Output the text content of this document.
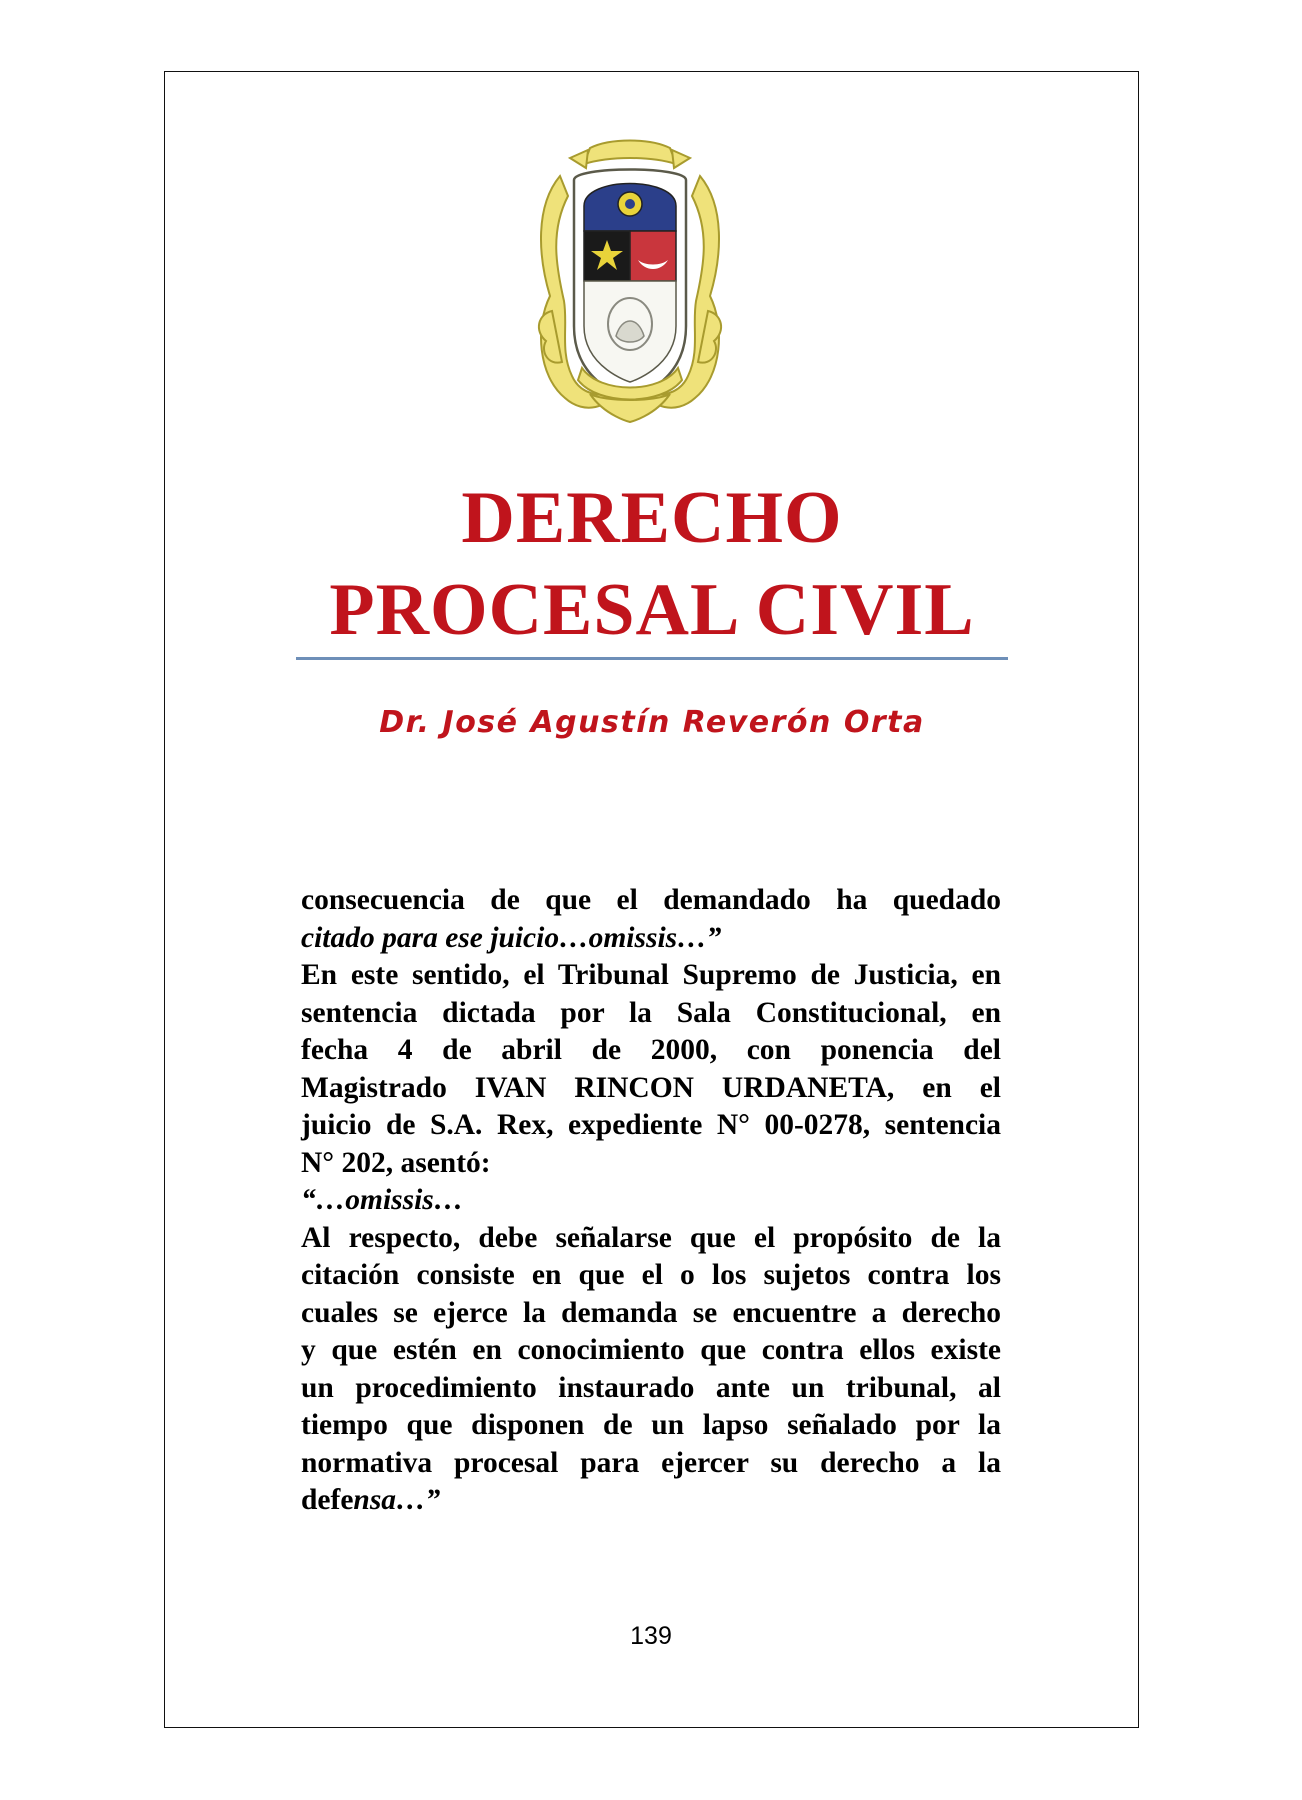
DERECHO
PROCESAL CIVIL
Dr. José Agustín Reverón Orta
consecuencia de que el demandado ha quedado
citado para ese juicio…omissis…”
En este sentido, el Tribunal Supremo de Justicia, en
sentencia dictada por la Sala Constitucional, en
fecha 4 de abril de 2000, con ponencia del
Magistrado IVAN RINCON URDANETA, en el
juicio de S.A. Rex, expediente N° 00-0278, sentencia
N° 202, asentó:
“…omissis…
Al respecto, debe señalarse que el propósito de la
citación consiste en que el o los sujetos contra los
cuales se ejerce la demanda se encuentre a derecho
y que estén en conocimiento que contra ellos existe
un procedimiento instaurado ante un tribunal, al
tiempo que disponen de un lapso señalado por la
normativa procesal para ejercer su derecho a la
defensa…”
139
